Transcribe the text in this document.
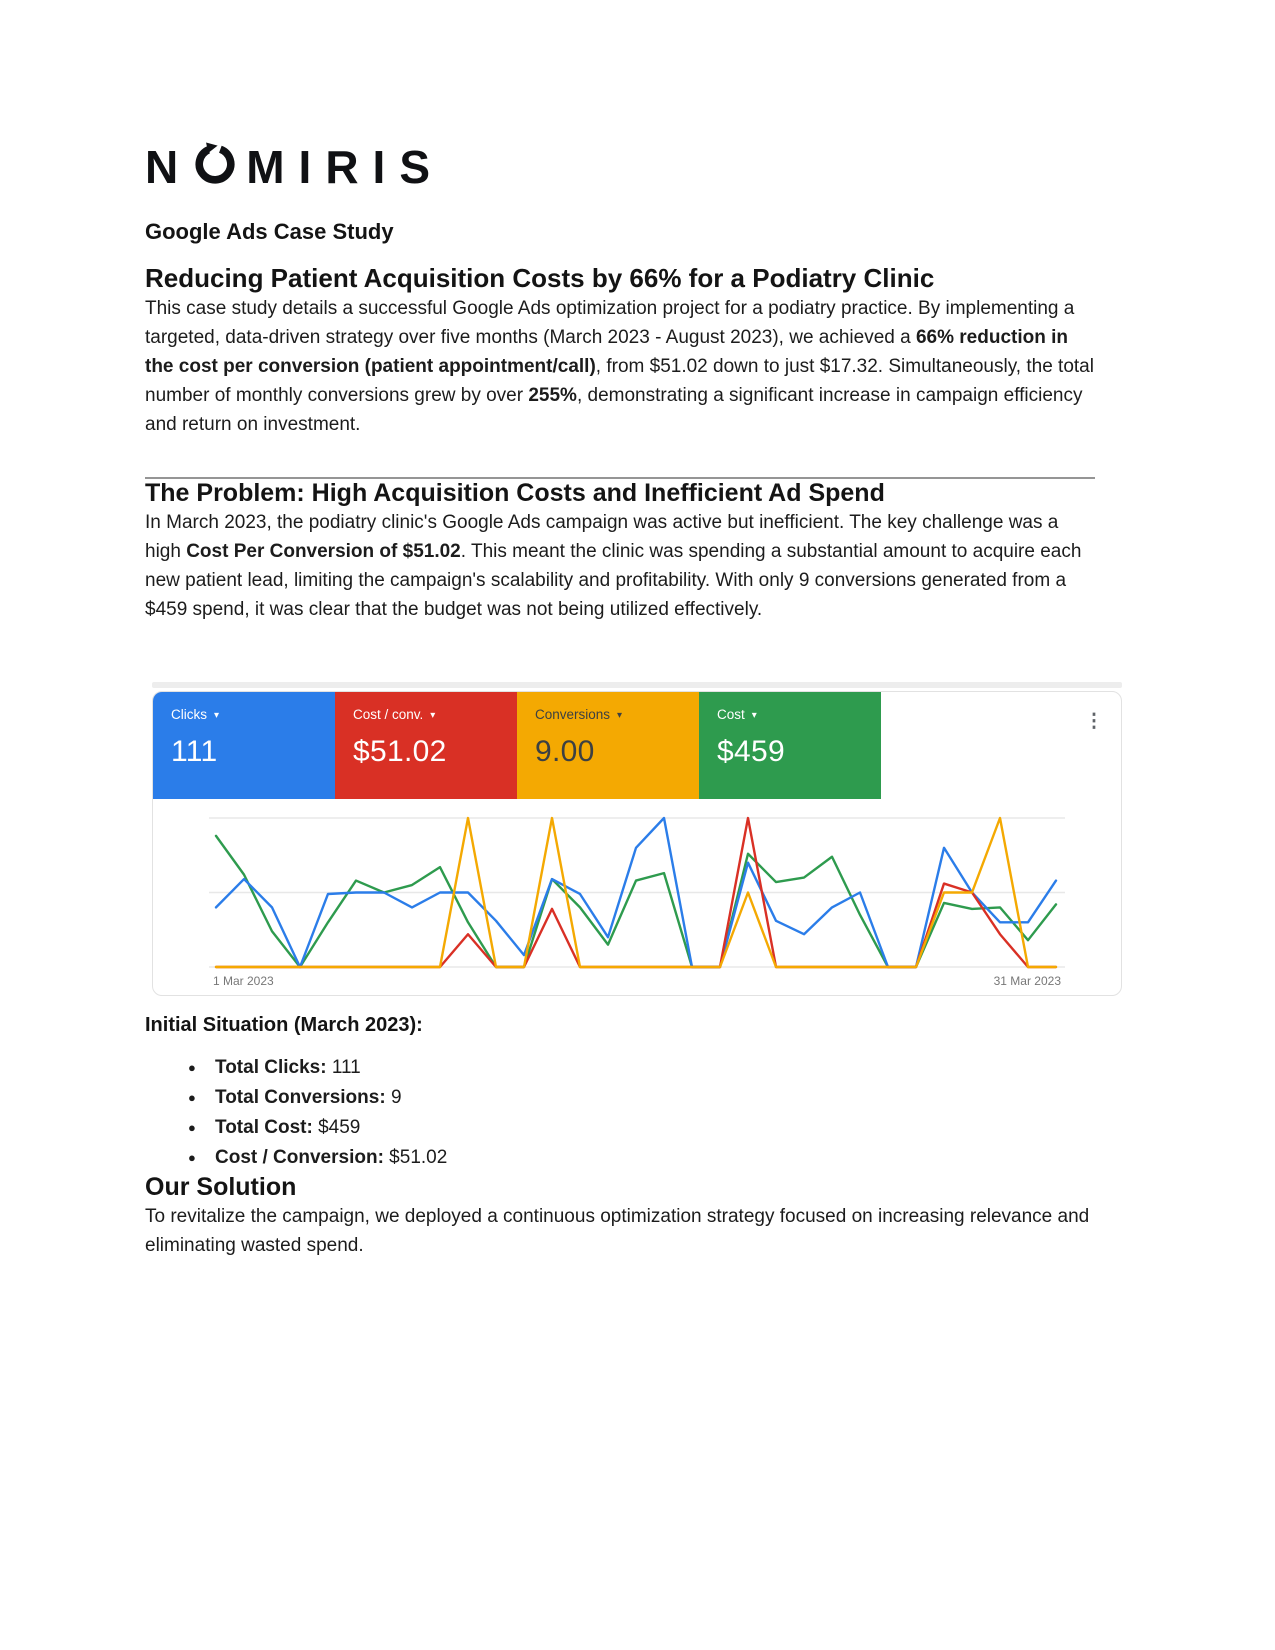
N MIRIS
Google Ads Case Study
Reducing Patient Acquisition Costs by 66% for a Podiatry Clinic

This case study details a successful Google Ads optimization project for a podiatry practice. By implementing a targeted, data-driven strategy over five months (March 2023 - August 2023), we achieved a 66% reduction in the cost per conversion (patient appointment/call), from $51.02 down to just $17.32. Simultaneously, the total number of monthly conversions grew by over 255%, demonstrating a significant increase in campaign efficiency and return on investment.

The Problem: High Acquisition Costs and Inefficient Ad Spend

In March 2023, the podiatry clinic's Google Ads campaign was active but inefficient. The key challenge was a high Cost Per Conversion of $51.02. This meant the clinic was spending a substantial amount to acquire each new patient lead, limiting the campaign's scalability and profitability. With only 9 conversions generated from a $459 spend, it was clear that the budget was not being utilized effectively.

Clicks ▾
111
Cost / conv. ▾
$51.02
Conversions ▾
9.00
Cost ▾
$459
⋮
1 Mar 2023	31 Mar 2023
Initial Situation (March 2023):
● Total Clicks: 111
● Total Conversions: 9
● Total Cost: $459
● Cost / Conversion: $51.02
Our Solution

To revitalize the campaign, we deployed a continuous optimization strategy focused on increasing relevance and eliminating wasted spend.
